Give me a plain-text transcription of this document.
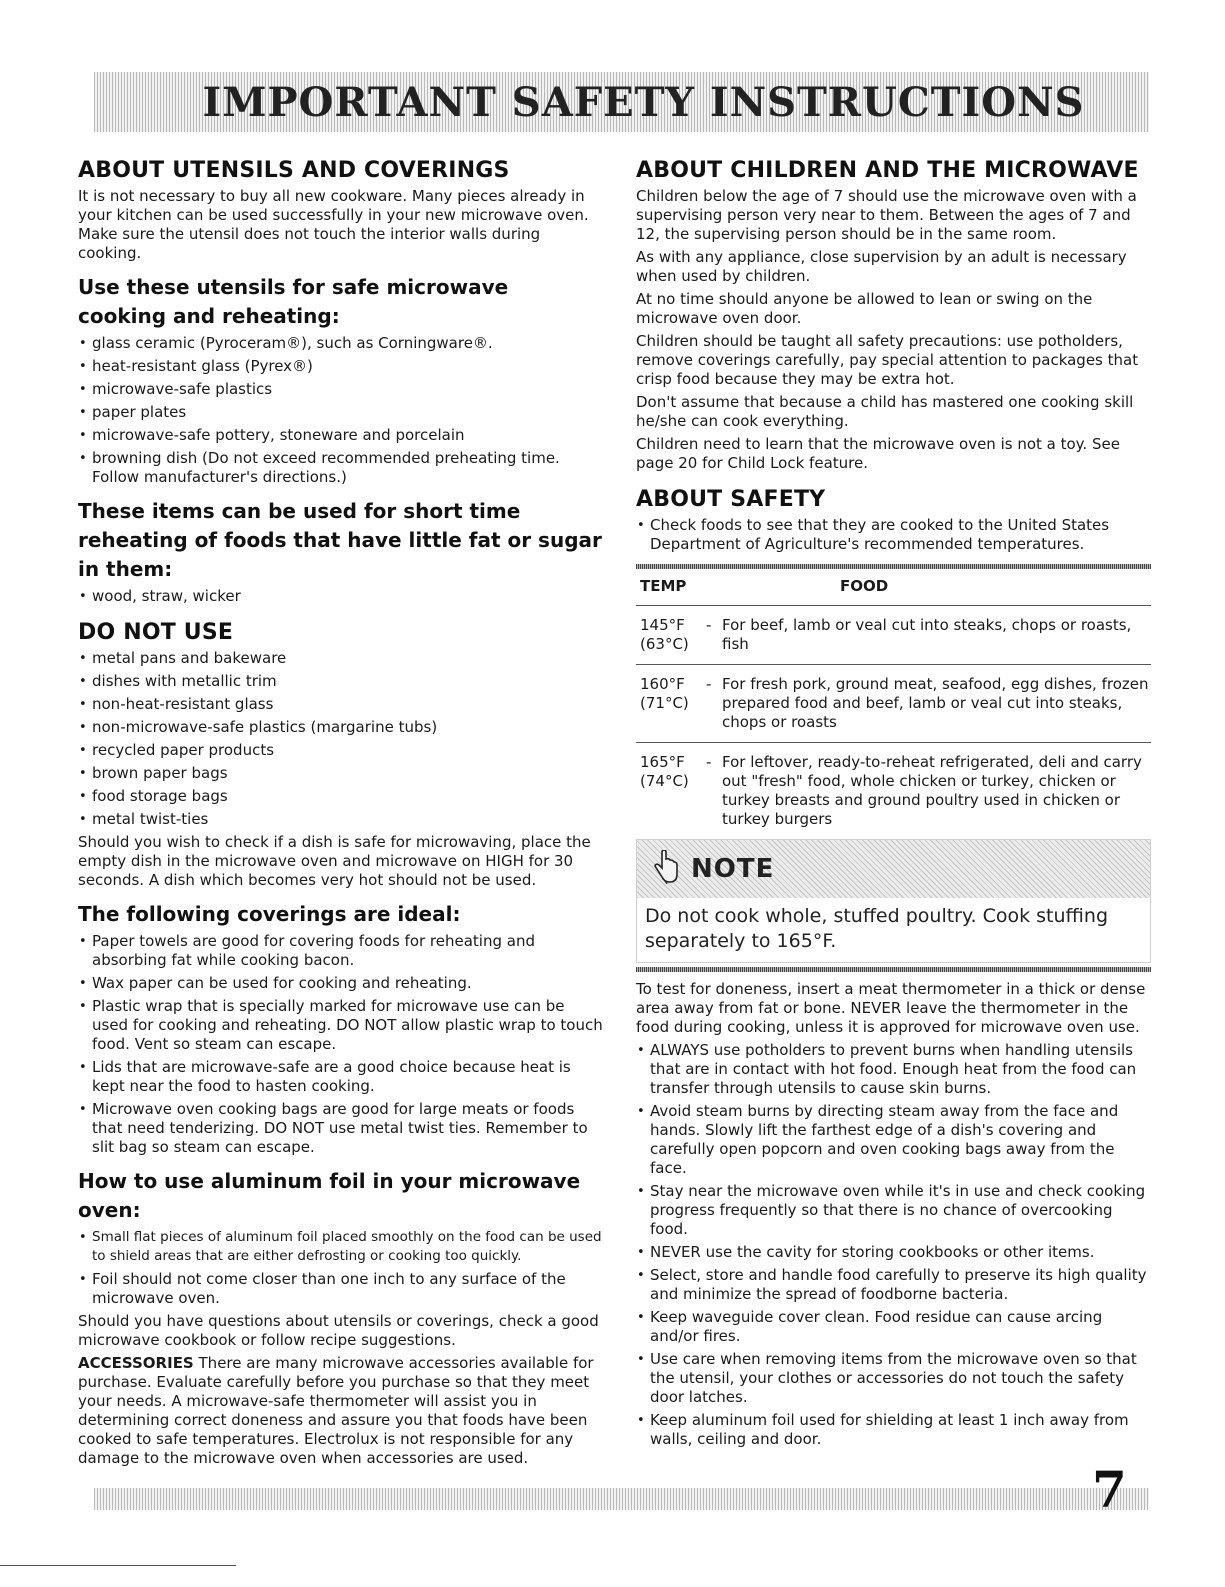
IMPORTANT SAFETY INSTRUCTIONS
ABOUT UTENSILS AND COVERINGS

It is not necessary to buy all new cookware. Many pieces already in your kitchen can be used successfully in your new microwave oven. Make sure the utensil does not touch the interior walls during cooking.

Use these utensils for safe microwave cooking and reheating:
• glass ceramic (Pyroceram®), such as Corningware®.
• heat-resistant glass (Pyrex®)
• microwave-safe plastics
• paper plates
• microwave-safe pottery, stoneware and porcelain
• browning dish (Do not exceed recommended preheating time. Follow manufacturer's directions.)
These items can be used for short time reheating of foods that have little fat or sugar in them:
• wood, straw, wicker
DO NOT USE
• metal pans and bakeware
• dishes with metallic trim
• non-heat-resistant glass
• non-microwave-safe plastics (margarine tubs)
• recycled paper products
• brown paper bags
• food storage bags
• metal twist-ties

Should you wish to check if a dish is safe for microwaving, place the empty dish in the microwave oven and microwave on HIGH for 30 seconds. A dish which becomes very hot should not be used.

The following coverings are ideal:
• Paper towels are good for covering foods for reheating and absorbing fat while cooking bacon.
• Wax paper can be used for cooking and reheating.
• Plastic wrap that is specially marked for microwave use can be used for cooking and reheating. DO NOT allow plastic wrap to touch food. Vent so steam can escape.
• Lids that are microwave-safe are a good choice because heat is kept near the food to hasten cooking.
• Microwave oven cooking bags are good for large meats or foods that need tenderizing. DO NOT use metal twist ties. Remember to slit bag so steam can escape.
How to use aluminum foil in your microwave oven:
• Small flat pieces of aluminum foil placed smoothly on the food can be used to shield areas that are either defrosting or cooking too quickly.
• Foil should not come closer than one inch to any surface of the microwave oven.

Should you have questions about utensils or coverings, check a good microwave cookbook or follow recipe suggestions.

ACCESSORIES There are many microwave accessories available for purchase. Evaluate carefully before you purchase so that they meet your needs. A microwave-safe thermometer will assist you in determining correct doneness and assure you that foods have been cooked to safe temperatures. Electrolux is not responsible for any damage to the microwave oven when accessories are used.

ABOUT CHILDREN AND THE MICROWAVE

Children below the age of 7 should use the microwave oven with a supervising person very near to them. Between the ages of 7 and 12, the supervising person should be in the same room.

As with any appliance, close supervision by an adult is necessary when used by children.

At no time should anyone be allowed to lean or swing on the microwave oven door.

Children should be taught all safety precautions: use potholders, remove coverings carefully, pay special attention to packages that crisp food because they may be extra hot.

Don't assume that because a child has mastered one cooking skill he/she can cook everything.

Children need to learn that the microwave oven is not a toy. See page 20 for Child Lock feature.

ABOUT SAFETY
• Check foods to see that they are cooked to the United States Department of Agriculture's recommended temperatures.
TEMP	FOOD
145°F
(63°C)
- For beef, lamb or veal cut into steaks, chops or roasts, fish
160°F
(71°C)
- For fresh pork, ground meat, seafood, egg dishes, frozen prepared food and beef, lamb or veal cut into steaks, chops or roasts
165°F
(74°C)
- For leftover, ready-to-reheat refrigerated, deli and carry out "fresh" food, whole chicken or turkey, chicken or turkey breasts and ground poultry used in chicken or turkey burgers
NOTE
Do not cook whole, stuffed poultry. Cook stuffing separately to 165°F.

To test for doneness, insert a meat thermometer in a thick or dense area away from fat or bone. NEVER leave the thermometer in the food during cooking, unless it is approved for microwave oven use.

• ALWAYS use potholders to prevent burns when handling utensils that are in contact with hot food. Enough heat from the food can transfer through utensils to cause skin burns.
• Avoid steam burns by directing steam away from the face and hands. Slowly lift the farthest edge of a dish's covering and carefully open popcorn and oven cooking bags away from the face.
• Stay near the microwave oven while it's in use and check cooking progress frequently so that there is no chance of overcooking food.
• NEVER use the cavity for storing cookbooks or other items.
• Select, store and handle food carefully to preserve its high quality and minimize the spread of foodborne bacteria.
• Keep waveguide cover clean. Food residue can cause arcing and/or fires.
• Use care when removing items from the microwave oven so that the utensil, your clothes or accessories do not touch the safety door latches.
• Keep aluminum foil used for shielding at least 1 inch away from walls, ceiling and door.
7
